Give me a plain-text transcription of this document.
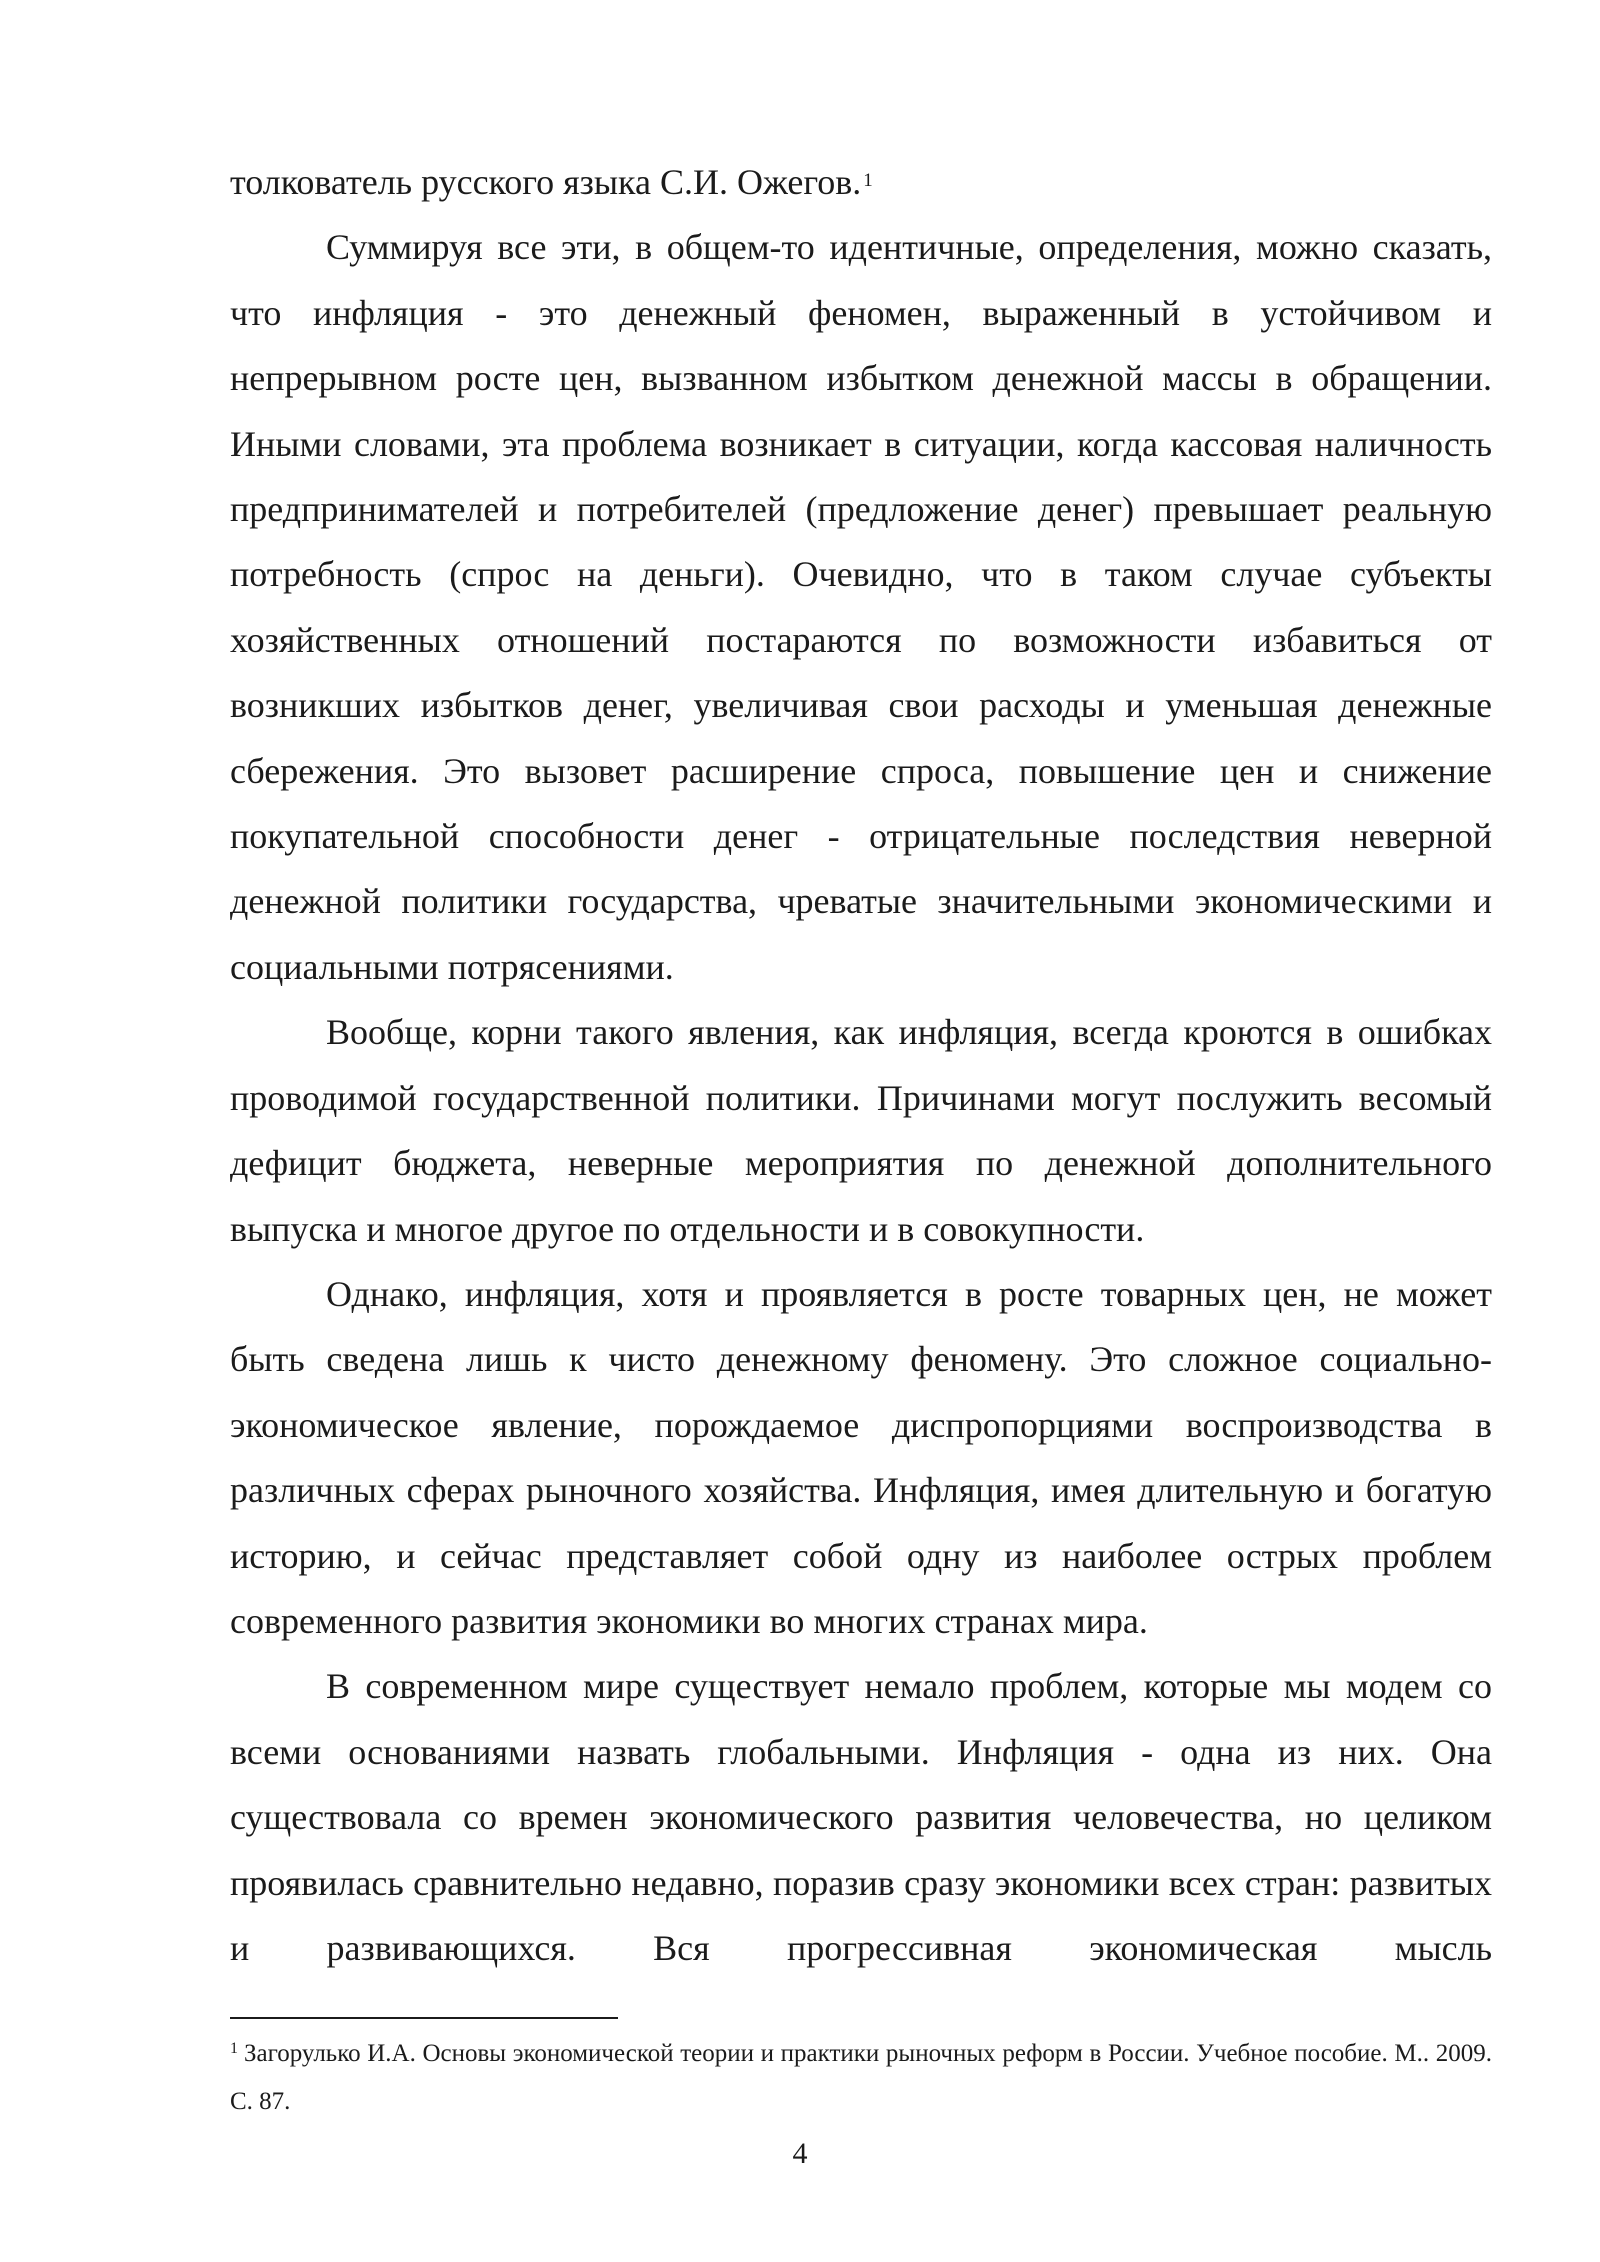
толкователь русского языка С.И. Ожегов. $^1$

Суммируя все эти, в общем-то идентичные, определения, можно сказать, что инфляция - это денежный феномен, выраженный в устойчивом и непрерывном росте цен, вызванном избытком денежной массы в обращении. Иными словами, эта проблема возникает в ситуации, когда кассовая наличность предпринимателей и потребителей (предложение денег) превышает реальную потребность (спрос на деньги). Очевидно, что в таком случае субъекты хозяйственных отношений постараются по возможности избавиться от возникших избытков денег, увеличивая свои расходы и уменьшая денежные сбережения. Это вызовет расширение спроса, повышение цен и снижение покупательной способности денег - отрицательные последствия неверной денежной политики государства, чреватые значительными экономическими и социальными потрясениями.

Вообще, корни такого явления, как инфляция, всегда кроются в ошибках проводимой государственной политики. Причинами могут послужить весомый дефицит бюджета, неверные мероприятия по денежной дополнительного выпуска и многое другое по отдельности и в совокупности.

Однако, инфляция, хотя и проявляется в росте товарных цен, не может быть сведена лишь к чисто денежному феномену. Это сложное социально-экономическое явление, порождаемое диспропорциями воспроизводства в различных сферах рыночного хозяйства. Инфляция, имея длительную и богатую историю, и сейчас представляет собой одну из наиболее острых проблем современного развития экономики во многих странах мира.

В современном мире существует немало проблем, которые мы модем со всеми основаниями назвать глобальными. Инфляция - одна из них. Она существовала со времен экономического развития человечества, но целиком проявилась сравнительно недавно, поразив сразу экономики всех стран: развитых и развивающихся. Вся прогрессивная экономическая мысль

$^1$ Загорулько И.А. Основы экономической теории и практики рыночных реформ в России. Учебное пособие. М.. 2009. С. 87.
4
